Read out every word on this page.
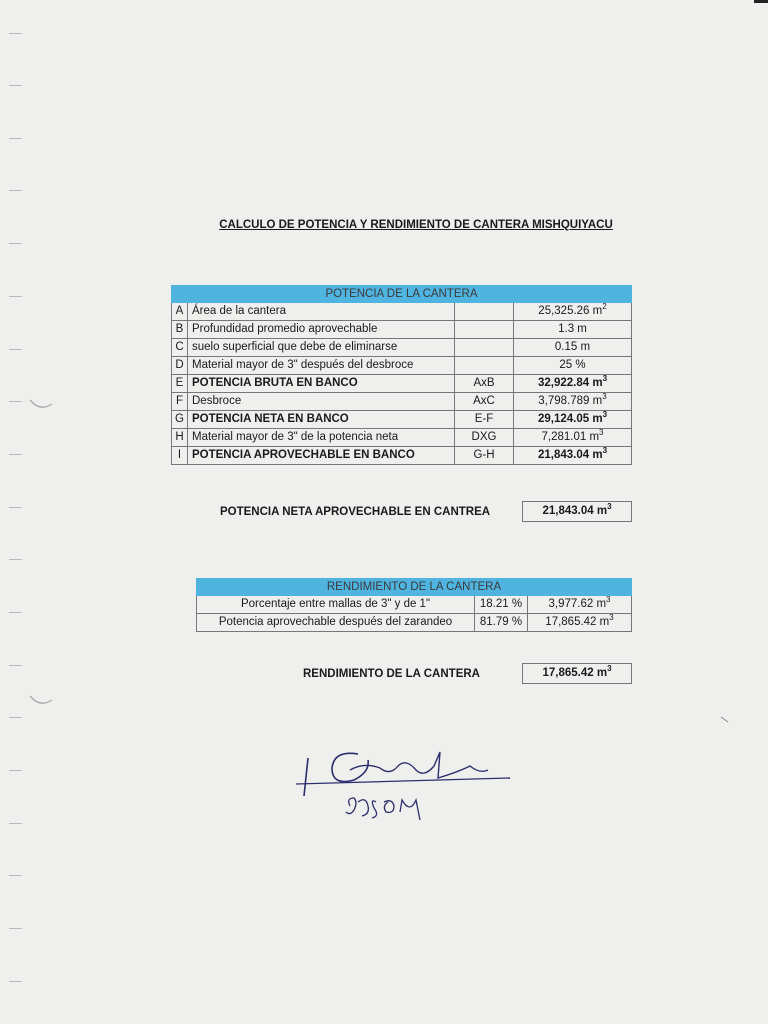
CALCULO DE POTENCIA Y RENDIMIENTO DE CANTERA MISHQUIYACU
POTENCIA DE LA CANTERA			
A	Área de la cantera		25,325.26 $m^2$
B	Profundidad promedio aprovechable		1.3 m
C	suelo superficial que debe de eliminarse		0.15 m
D	Material mayor de 3" después del desbroce		25 %
E	POTENCIA BRUTA EN BANCO	AxB	32,922.84 $m^3$
F	Desbroce	AxC	3,798.789 $m^3$
G	POTENCIA NETA EN BANCO	E-F	29,124.05 $m^3$
H	Material mayor de 3" de la potencia neta	DXG	7,281.01 $m^3$
I	POTENCIA APROVECHABLE EN BANCO	G-H	21,843.04 $m^3$
POTENCIA NETA APROVECHABLE EN CANTREA	21,843.04 $m^3$
RENDIMIENTO DE LA CANTERA		
Porcentaje entre mallas de 3" y de 1"	18.21 %	3,977.62 $m^3$
Potencia aprovechable después del zarandeo	81.79 %	17,865.42 $m^3$
RENDIMIENTO DE LA CANTERA	17,865.42 $m^3$
